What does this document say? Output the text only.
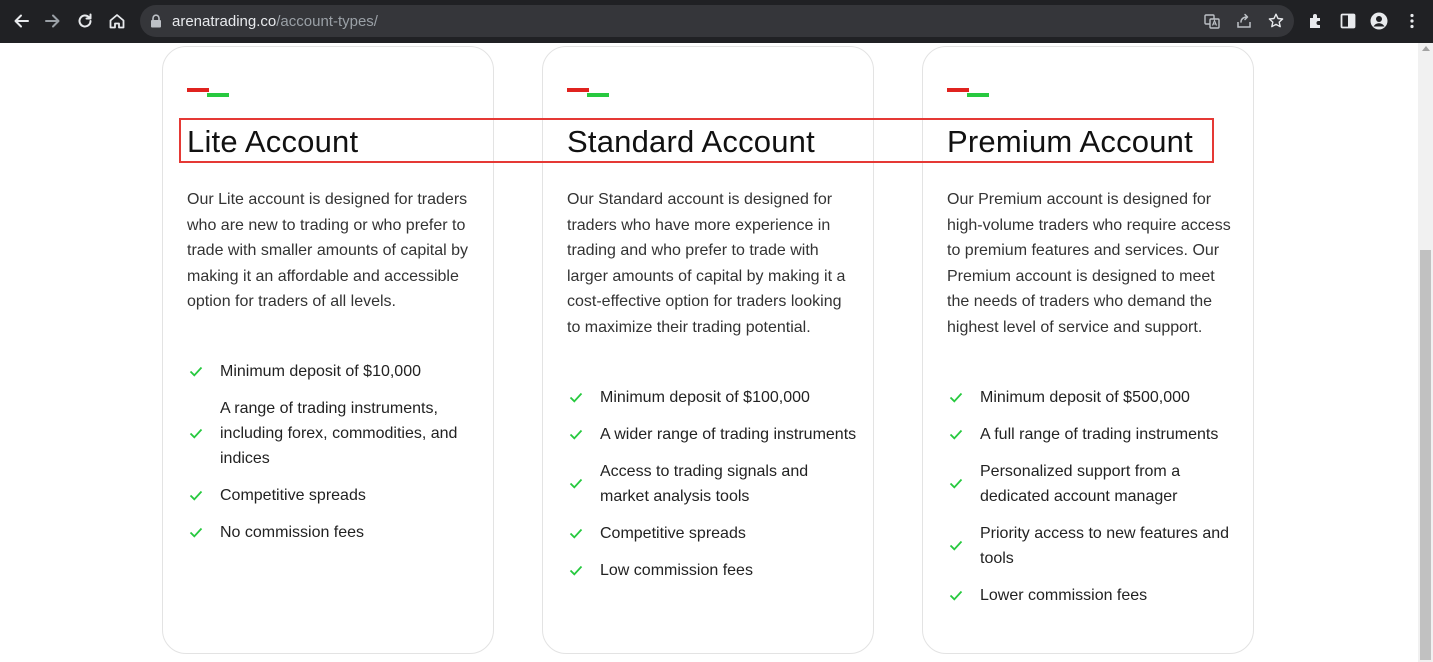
arenatrading.co/account-types/
Lite Account

Our Lite account is designed for traders who are new to trading or who prefer to trade with smaller amounts of capital by making it an affordable and accessible option for traders of all levels.

Minimum deposit of $10,000
A range of trading instruments, including forex, commodities, and indices
Competitive spreads
No commission fees
Standard Account

Our Standard account is designed for traders who have more experience in trading and who prefer to trade with larger amounts of capital by making it a cost-effective option for traders looking to maximize their trading potential.

Minimum deposit of $100,000
A wider range of trading instruments
Access to trading signals and market analysis tools
Competitive spreads
Low commission fees
Premium Account

Our Premium account is designed for high-volume traders who require access to premium features and services. Our Premium account is designed to meet the needs of traders who demand the highest level of service and support.

Minimum deposit of $500,000
A full range of trading instruments
Personalized support from a dedicated account manager
Priority access to new features and tools
Lower commission fees
